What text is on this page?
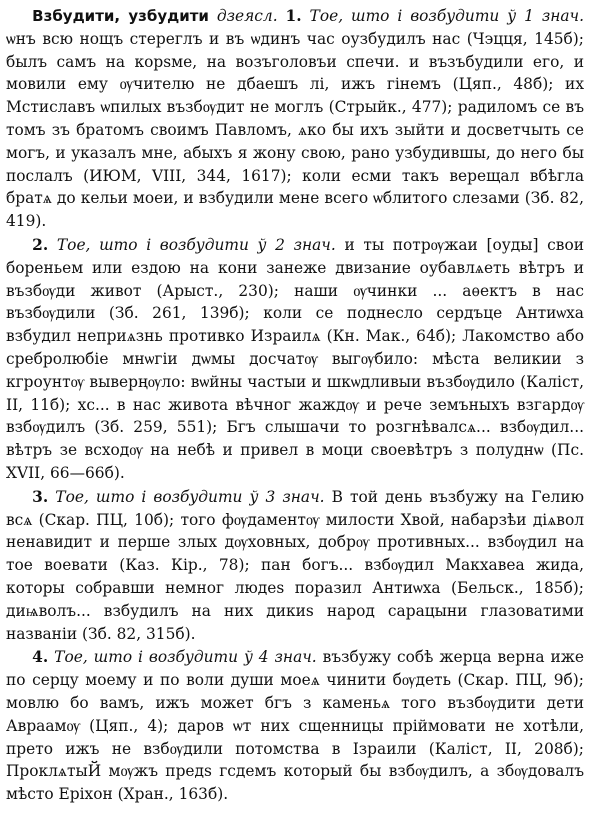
Взбудити, узбудити дзеясл. 1. Тое, што і возбудити ў 1 знач. ѡнъ всю нощъ стереглъ и въ ѡдинъ час оузбудилъ нас (Чэцця, 145б); былъ самъ на корѕме, на возъголовъи спечи. и възъбудили его, и мовили ему ѹчителю не дбаешъ лі, ижъ гінемъ (Цяп., 48б); их Мстиславъ ѡпилых възбѹдит не моглъ (Стрыйк., 477); радиломъ се въ томъ зъ братомъ своимъ Павломъ, ѧко бы ихъ зыйти и досветчыть се могъ, и указалъ мне, абыхъ я жону свою, рано узбудившы, до него бы послалъ (ИЮМ, VIII, 344, 1617); коли есми такъ верещал вбѣгла братѧ до кельи моеи, и взбудили мене всего ѡблитого слезами (Зб. 82, 419).

2. Тое, што і возбудити ў 2 знач. и ты потрѹжаи [оуды] свои бореньем или ездою на кони занеже двизание оубавлѧеть вѣтръ и възбѹди живот (Арыст., 230); наши ѹчинки ... аѳектъ в нас възбѹдили (Зб. 261, 139б); коли се поднесло сердъце Антиѡха взбудил неприѧзнь противко Израилѧ (Кн. Мак., 64б); Лакомство або сребролюбіе мнѡгіи дѡмы досчатѹ выгѹбило: мѣста великии з кгроунтѹ выверңѹло: вѡйны частыи и шкѡдливыи възбѹдило (Каліст, II, 11б); хс... в нас живота вѣчног жаждѹ и рече земъныхъ взгардѹ взбѹдилъ (Зб. 259, 551); Бгъ слышачи то розгнѣвалсѧ... взбѹдил... вѣтръ зе всходѹ на небѣ и привел в моци своевѣтръ з полуднѡ (Пс. XVII, 66—66б).

3. Тое, што і возбудити ў 3 знач. В той день възбужу на Гелию всѧ (Скар. ПЦ, 10б); того фѹдаментѹ милости Хвой, набарзѣи діѧвол ненавидит и перше злых дѹховных, добрѹ противных... взбѹдил на тое воевати (Каз. Кір., 78); пан богъ... взбѹдил Макхавеа жида, которы собравши немног людеѕ поразил Антиѡха (Бельск., 185б); диѩволъ... взбудилъ на них дикиѕ народ сарацыни глазоватими названіи (Зб. 82, 315б).

4. Тое, што і возбудити ў 4 знач. възбужу собѣ жерца верна иже по серцу моему и по воли души моеѧ чинити бѹдеть (Скар. ПЦ, 9б); мовлю бо вамъ, ижъ может бгъ з каменьѧ того възбѹдити дети Авраамѹ (Цяп., 4); даров ѡт них сщенницы пріймовати не хотѣли, прето ижъ не взбѹдили потомства в Ізраили (Каліст, II, 208б); ПроклѧтыЙ мѹжъ предѕ гсдемъ который бы взбѹдилъ, а збѹдовалъ мѣсто Ерiхон (Хран., 163б).
